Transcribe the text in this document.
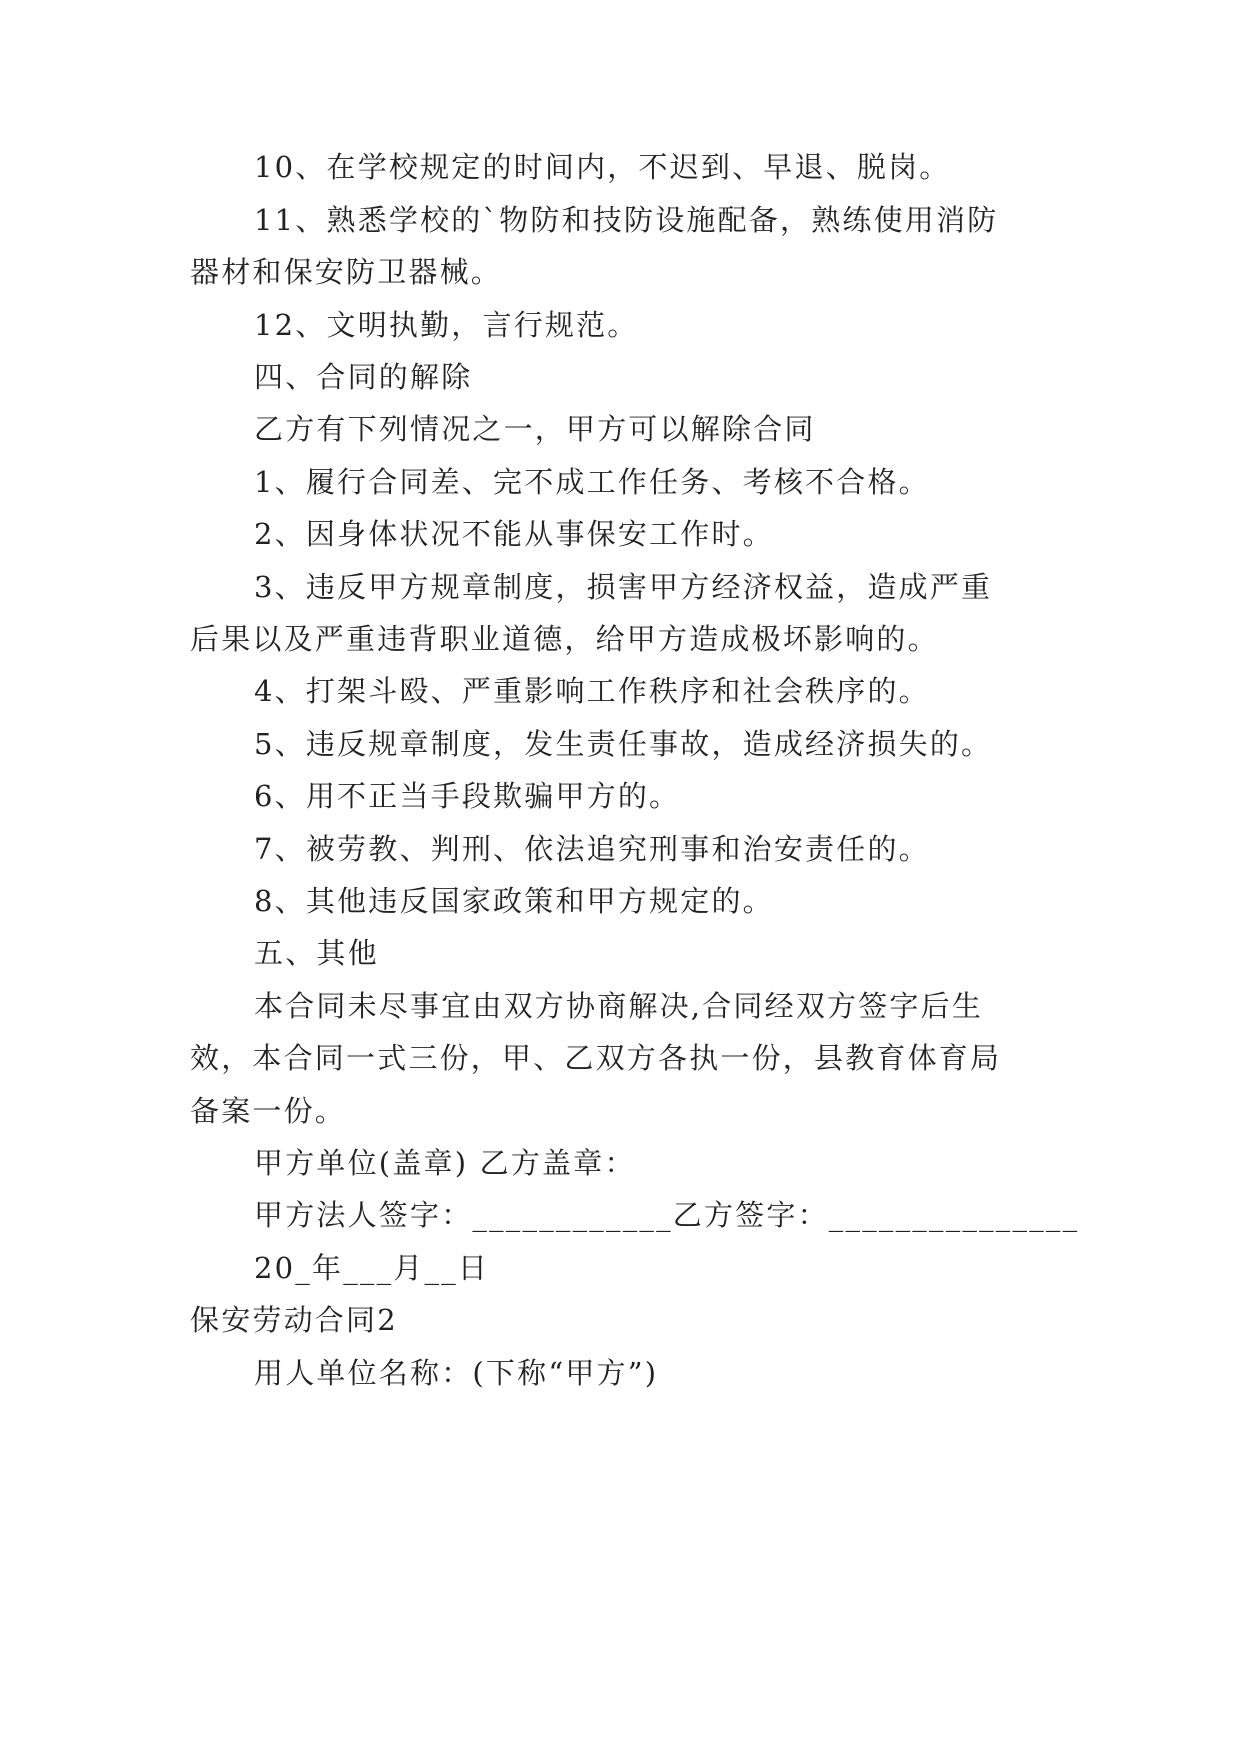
10、在学校规定的时间内，不迟到、早退、脱岗。
11、熟悉学校的`物防和技防设施配备，熟练使用消防
器材和保安防卫器械。
12、文明执勤，言行规范。
四、合同的解除
乙方有下列情况之一，甲方可以解除合同
1、履行合同差、完不成工作任务、考核不合格。
2、因身体状况不能从事保安工作时。
3、违反甲方规章制度，损害甲方经济权益，造成严重
后果以及严重违背职业道德，给甲方造成极坏影响的。
4、打架斗殴、严重影响工作秩序和社会秩序的。
5、违反规章制度，发生责任事故，造成经济损失的。
6、用不正当手段欺骗甲方的。
7、被劳教、判刑、依法追究刑事和治安责任的。
8、其他违反国家政策和甲方规定的。
五、其他
本合同未尽事宜由双方协商解决,合同经双方签字后生
效，本合同一式三份，甲、乙双方各执一份，县教育体育局
备案一份。
甲方单位(盖章) 乙方盖章：
甲方法人签字：____________乙方签字：_______________
20_年___月__日
保安劳动合同2
用人单位名称：(下称“甲方”)
